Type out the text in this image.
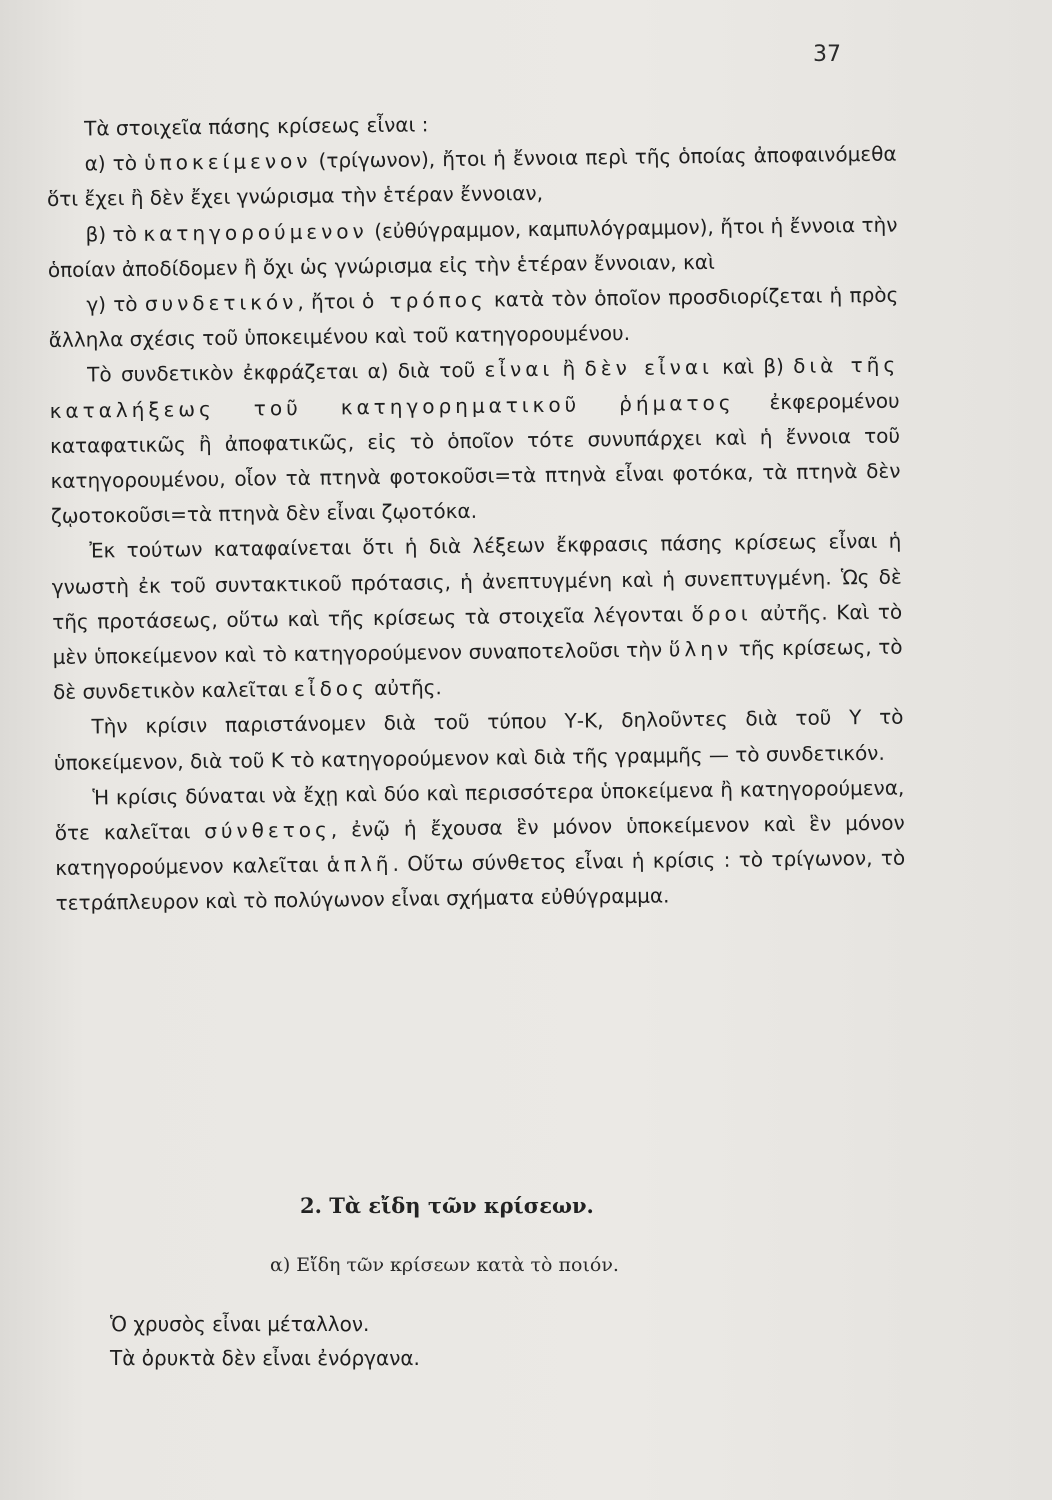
37

Τὰ στοιχεῖα πάσης κρίσεως εἶναι :

α) τὸ ὑποκείμενον (τρίγωνον), ἤτοι ἡ ἔννοια περὶ τῆς ὁποίας ἀποφαινόμεθα ὅτι ἔχει ἢ δὲν ἔχει γνώρισμα τὴν ἑτέραν ἔννοιαν,

β) τὸ κατηγορούμενον (εὐθύγραμμον, καμπυλόγραμμον), ἤτοι ἡ ἔννοια τὴν ὁποίαν ἀποδίδομεν ἢ ὄχι ὡς γνώρισμα εἰς τὴν ἑτέραν ἔννοιαν, καὶ

γ) τὸ συνδετικόν, ἤτοι ὁ τρόπος κατὰ τὸν ὁποῖον προσδιορίζεται ἡ πρὸς ἄλληλα σχέσις τοῦ ὑποκειμένου καὶ τοῦ κατηγορουμένου.

Τὸ συνδετικὸν ἐκφράζεται α) διὰ τοῦ εἶναι ἢ δὲν εἶναι καὶ β) διὰ τῆς καταλήξεως τοῦ κατηγορηματικοῦ ῥήματος ἐκφερομένου καταφατικῶς ἢ ἀποφατικῶς, εἰς τὸ ὁποῖον τότε συνυπάρχει καὶ ἡ ἔννοια τοῦ κατηγορουμένου, οἷον τὰ πτηνὰ φοτοκοῦσι=τὰ πτηνὰ εἶναι φοτόκα, τὰ πτηνὰ δὲν ζῳοτοκοῦσι=τὰ πτηνὰ δὲν εἶναι ζῳοτόκα.

Ἐκ τούτων καταφαίνεται ὅτι ἡ διὰ λέξεων ἔκφρασις πάσης κρίσεως εἶναι ἡ γνωστὴ ἐκ τοῦ συντακτικοῦ πρότασις, ἡ ἀνεπτυγμένη καὶ ἡ συνεπτυγμένη. Ὡς δὲ τῆς προτάσεως, οὕτω καὶ τῆς κρίσεως τὰ στοιχεῖα λέγονται ὅροι αὐτῆς. Καὶ τὸ μὲν ὑποκείμενον καὶ τὸ κατηγορούμενον συναποτελοῦσι τὴν ὕλην τῆς κρίσεως, τὸ δὲ συνδετικὸν καλεῖται εἶδος αὐτῆς.

Τὴν κρίσιν παριστάνομεν διὰ τοῦ τύπου Υ-Κ, δηλοῦντες διὰ τοῦ Υ τὸ ὑποκείμενον, διὰ τοῦ Κ τὸ κατηγορούμενον καὶ διὰ τῆς γραμμῆς — τὸ συνδετικόν.

Ἡ κρίσις δύναται νὰ ἔχῃ καὶ δύο καὶ περισσότερα ὑποκείμενα ἢ κατηγορούμενα, ὅτε καλεῖται σύνθετος, ἐνῷ ἡ ἔχουσα ἓν μόνον ὑποκείμενον καὶ ἓν μόνον κατηγορούμενον καλεῖται ἁπλῆ. Οὕτω σύνθετος εἶναι ἡ κρίσις : τὸ τρίγωνον, τὸ τετράπλευρον καὶ τὸ πολύγωνον εἶναι σχήματα εὐθύγραμμα.

2. Τὰ εἴδη τῶν κρίσεων.
α) Εἴδη τῶν κρίσεων κατὰ τὸ ποιόν.
Ὁ χρυσὸς εἶναι μέταλλον.
Τὰ ὀρυκτὰ δὲν εἶναι ἐνόργανα.
